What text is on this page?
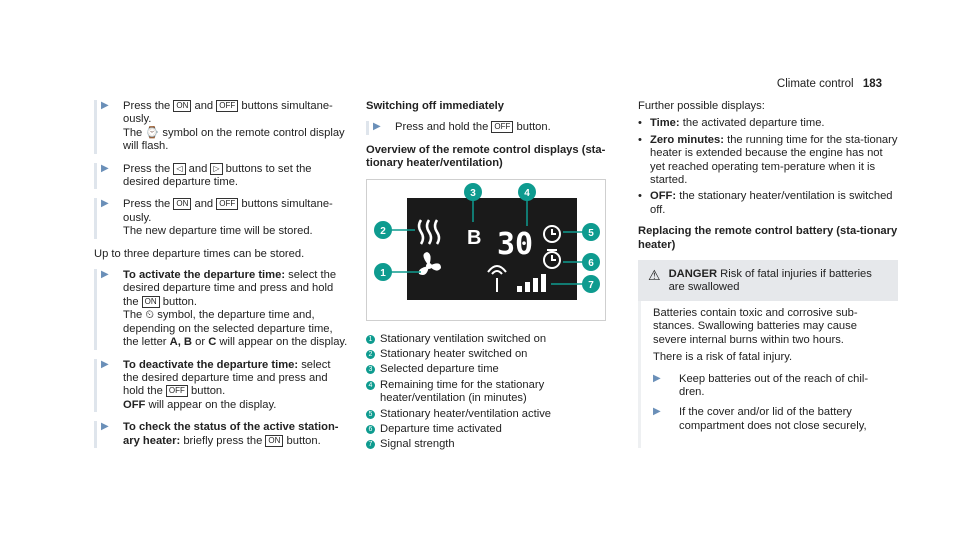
Climate control 183
▶	Press the ON and OFF buttons simultane-ously.
The ⌚ symbol on the remote control display will flash.
▶	Press the ◁ and ▷ buttons to set the desired departure time.
▶	Press the ON and OFF buttons simultane-ously.
The new departure time will be stored.
Up to three departure times can be stored.
▶	To activate the departure time: select the desired departure time and press and hold the ON button.
The ⏲ symbol, the departure time and, depending on the selected departure time, the letter A, B or C will appear on the display.
▶	To deactivate the departure time: select the desired departure time and press and hold the OFF button.
OFF will appear on the display.
▶	To check the status of the active station-ary heater: briefly press the ON button.
Switching off immediately
▶	Press and hold the OFF button.
Overview of the remote control displays (sta-tionary heater/ventilation)
B 30
1
2
3	4
5
6
7
1 Stationary ventilation switched on
2 Stationary heater switched on
3 Selected departure time
4 Remaining time for the stationary heater/ventilation (in minutes)
5 Stationary heater/ventilation active
6 Departure time activated
7 Signal strength
Further possible displays:
• Time: the activated departure time.
• Zero minutes: the running time for the sta-tionary heater is extended because the engine has not yet reached operating tem-perature when it is started.
• OFF: the stationary heater/ventilation is switched off.
Replacing the remote control battery (sta-tionary heater)
⚠ DANGER Risk of fatal injuries if batteries are swallowed
Batteries contain toxic and corrosive sub-stances. Swallowing batteries may cause severe internal burns within two hours.
There is a risk of fatal injury.
▶	Keep batteries out of the reach of chil-dren.
▶	If the cover and/or lid of the battery compartment does not close securely,
